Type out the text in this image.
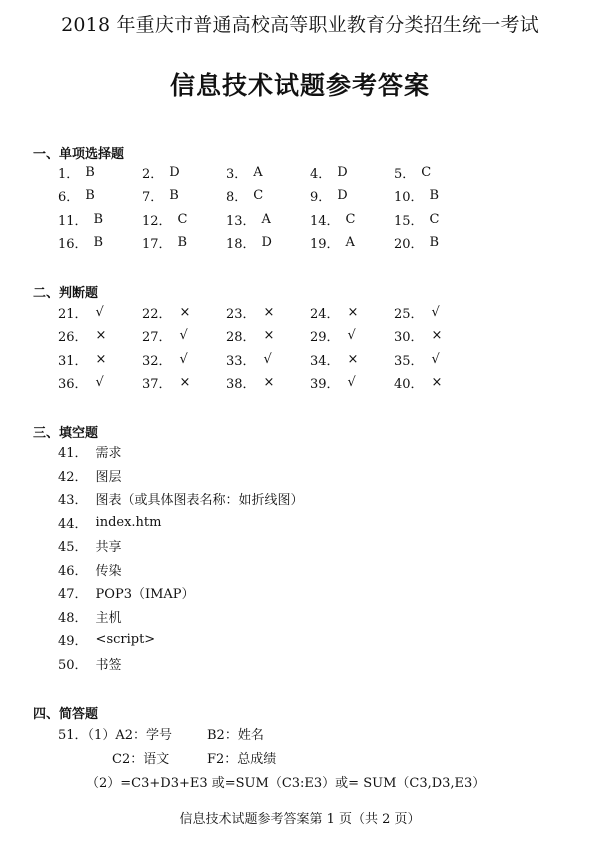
2018 年重庆市普通高校高等职业教育分类招生统一考试
信息技术试题参考答案
一、单项选择题
1． B	2． D	3． A	4． D	5． C
6． B	7． B	8． C	9． D	10． B
11． B	12． C	13． A	14． C	15． C
16． B	17． B	18． D	19． A	20． B
二、判断题
21． √	22． ×	23． ×	24． ×	25． √
26． ×	27． √	28． ×	29． √	30． ×
31． ×	32． √	33． √	34． ×	35． √
36． √	37． ×	38． ×	39． √	40． ×
三、填空题
41． 需求
42． 图层
43． 图表（或具体图表名称：如折线图）
44． index.htm
45． 共享
46． 传染
47． POP3（IMAP）
48． 主机
49． <script>
50． 书签
四、简答题
51．（1）A2：学号	B2：姓名
C2：语文	F2：总成绩
（2）=C3+D3+E3 或=SUM（C3:E3）或= SUM（C3,D3,E3）
信息技术试题参考答案第 1 页（共 2 页）
